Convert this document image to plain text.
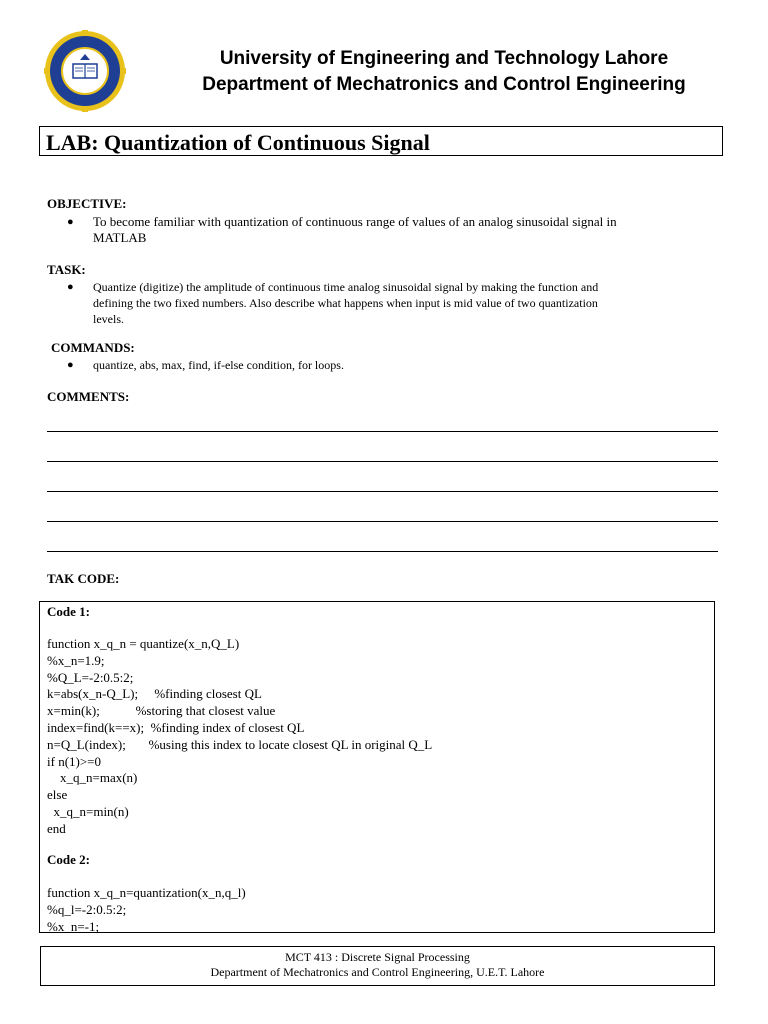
University of Engineering and Technology Lahore
Department of Mechatronics and Control Engineering
LAB: Quantization of Continuous Signal
OBJECTIVE:
● To become familiar with quantization of continuous range of values of an analog sinusoidal signal in
MATLAB
TASK:
● Quantize (digitize) the amplitude of continuous time analog sinusoidal signal by making the function and
defining the two fixed numbers. Also describe what happens when input is mid value of two quantization
levels.
COMMANDS:
● quantize, abs, max, find, if-else condition, for loops.
COMMENTS:
TAK CODE:
Code 1:
function x_q_n = quantize(x_n,Q_L)
%x_n=1.9;
%Q_L=-2:0.5:2;
k=abs(x_n-Q_L);     %finding closest QL
x=min(k);           %storing that closest value
index=find(k==x);  %finding index of closest QL
n=Q_L(index);       %using this index to locate closest QL in original Q_L
if n(1)>=0
x_q_n=max(n)
else
x_q_n=min(n)
end
Code 2:
function x_q_n=quantization(x_n,q_l)
%q_l=-2:0.5:2;
%x_n=-1;
MCT 413 : Discrete Signal Processing
Department of Mechatronics and Control Engineering, U.E.T. Lahore
